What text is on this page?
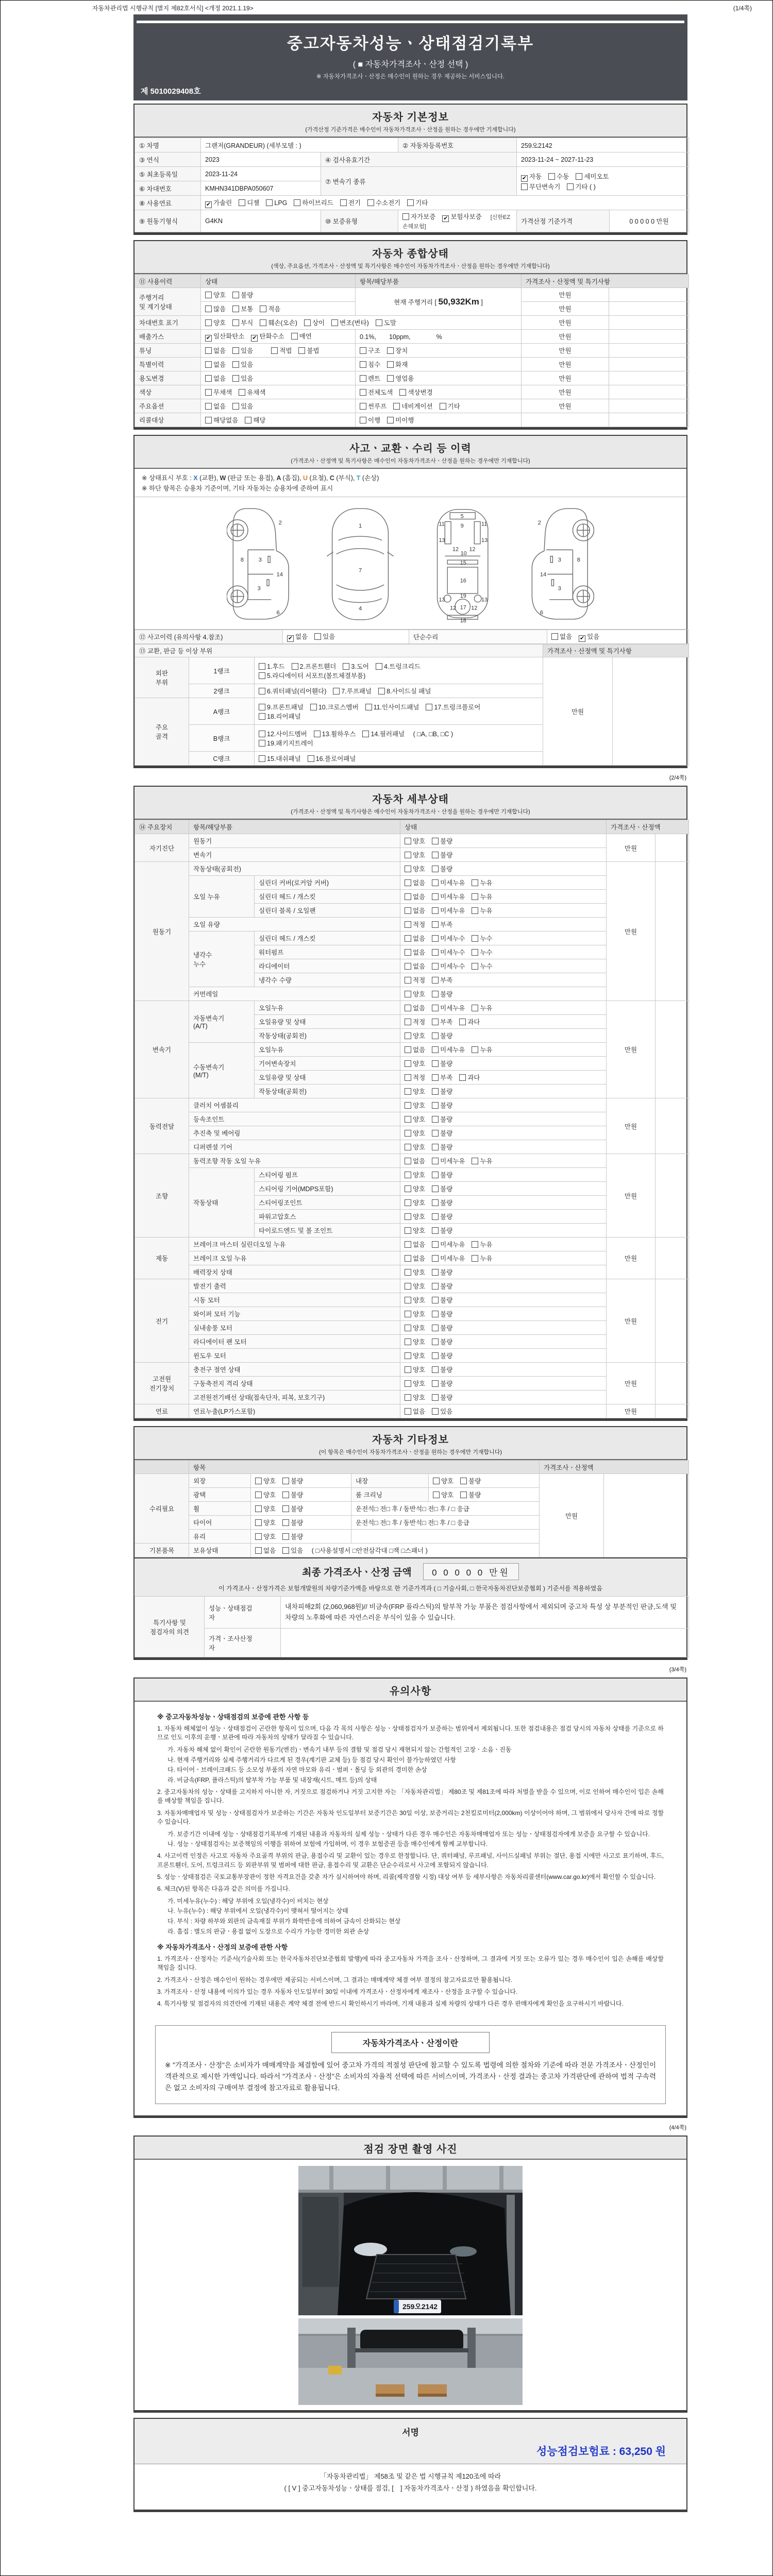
자동차관리법 시행규칙 [별지 제82호서식] <개정 2021.1.19>	(1/4쪽)
중고자동차성능ㆍ상태점검기록부
( ■ 자동차가격조사ㆍ산정 선택 )
※ 자동차가격조사ㆍ산정은 매수인이 원하는 경우 제공하는 서비스입니다.
제 5010029408호
자동차 기본정보
(가격산정 기준가격은 매수인이 자동차가격조사ㆍ산정을 원하는 경우에만 기재합니다)
① 차명	그랜저(GRANDEUR) (세부모델 : )		② 자동차등록번호	259오2142	
③ 연식	2023	④ 검사유효기간		2023-11-24 ~ 2027-11-23	
⑤ 최초등록일	2023-11-24	⑦ 변속기 종류		✔ 자동 수동 세미오토
무단변속기 기타 ( )	
⑥ 차대번호	KMHN341DBPA050607				
⑧ 사용연료	✔ 가솔린 디젤 LPG 하이브리드 전기 수소전기 기타				
⑨ 원동기형식	G4KN	⑩ 보증유형	자가보증 ✔ 보험사보증 [신한EZ손해보험]	가격산정 기준가격	0 0 0 0 0 만원
자동차 종합상태
(색상, 주요옵션, 가격조사ㆍ산정액 및 특기사항은 매수인이 자동차가격조사ㆍ산정을 원하는 경우에만 기재합니다)
⑪ 사용이력	상태	항목/해당부품	가격조사ㆍ산정액 및 특기사항	
주행거리
및 계기상태	양호 불량	현재 주행거리 [ 50,932Km ]	만원	
	많음 보통 적음		만원	
차대번호 표기	양호 부식 훼손(오손) 상이 변조(변타) 도말		만원	
배출가스	✔ 일산화탄소 ✔ 탄화수소 매연	0.1%,　　10ppm,　　　　%	만원	
튜닝	없음 있음 적법 불법	구조 장치	만원	
특별이력	없음 있음	침수 화재	만원	
용도변경	없음 있음	렌트 영업용	만원	
색상	무채색 유채색	전체도색 색상변경	만원	
주요옵션	없음 있음	썬루프 네비게이션 기타	만원	
리콜대상	해당없음 해당	이행 미이행		
사고ㆍ교환ㆍ수리 등 이력
(가격조사ㆍ산정액 및 특기사항은 매수인이 자동차가격조사ㆍ산정을 원하는 경우에만 기재합니다)
※ 상태표시 부호 : X (교환), W (판금 또는 용접), A (흠집), U (요철), C (부식), T (손상)
※ 하단 항목은 승용차 기준이며, 기타 자동차는 승용차에 준하여 표시
2
8	3
14
3
6
1
7
4
5
9
11	11
13	13
12 12
10
15
16
19
13	13
12	12
17
18
2
8
3
14
3
6
⑫ 사고이력 (유의사항 4.참조)	✔ 없음 있음	단순수리	없음 ✔ 있음
⑬ 교환, 판금 등 이상 부위			가격조사ㆍ산정액 및 특기사항	
외판
부위	1랭크	1.후드 2.프론트휀더 3.도어 4.트렁크리드
5.라디에이터 서포트(볼트체결부품)	만원	
	2랭크	6.쿼터패널(리어휀다) 7.루프패널 8.사이드실 패널		
주요
골격	A랭크	9.프론트패널 10.크로스멤버 11.인사이드패널 17.트렁크플로어
18.리어패널		
	B랭크	12.사이드멤버 13.휠하우스 14.필러패널 ( □A, □B, □C )
19.패키지트레이		
	C랭크	15.대쉬패널 16.플로어패널		
(2/4쪽)
자동차 세부상태
(가격조사ㆍ산정액 및 특기사항은 매수인이 자동차가격조사ㆍ산정을 원하는 경우에만 기재합니다)
⑭ 주요장치	항목/해당부품		상태	가격조사ㆍ산정액	
자기진단	원동기		양호 불량	만원	
	변속기		양호 불량		
원동기	작동상태(공회전)		양호 불량	만원	
	오일 누유	실린더 커버(로커암 커버)	없음 미세누유 누유		
		실린더 헤드 / 개스킷	없음 미세누유 누유		
		실린더 블록 / 오일팬	없음 미세누유 누유		
	오일 유량		적정 부족		
	냉각수
누수	실린더 헤드 / 개스킷	없음 미세누수 누수		
		워터펌프	없음 미세누수 누수		
		라디에이터	없음 미세누수 누수		
		냉각수 수량	적정 부족		
	커먼레일		양호 불량		
변속기	자동변속기
(A/T)	오일누유	없음 미세누유 누유	만원	
		오일유량 및 상태	적정 부족 과다		
		작동상태(공회전)	양호 불량		
	수동변속기
(M/T)	오일누유	없음 미세누유 누유		
		기어변속장치	양호 불량		
		오일유량 및 상태	적정 부족 과다		
		작동상태(공회전)	양호 불량		
동력전달	클러치 어셈블리		양호 불량	만원	
	등속조인트		양호 불량		
	추진축 및 베어링		양호 불량		
	디퍼렌셜 기어		양호 불량		
조향	동력조향 작동 오일 누유		없음 미세누유 누유	만원	
	작동상태	스티어링 펌프	양호 불량		
		스티어링 기어(MDPS포함)	양호 불량		
		스티어링조인트	양호 불량		
		파워고압호스	양호 불량		
		타이로드엔드 및 볼 조인트	양호 불량		
제동	브레이크 마스터 실린더오일 누유		없음 미세누유 누유	만원	
	브레이크 오일 누유		없음 미세누유 누유		
	배력장치 상태		양호 불량		
전기	발전기 출력		양호 불량	만원	
	시동 모터		양호 불량		
	와이퍼 모터 기능		양호 불량		
	실내송풍 모터		양호 불량		
	라디에이터 팬 모터		양호 불량		
	윈도우 모터		양호 불량		
고전원
전기장치	충전구 절연 상태		양호 불량	만원	
	구동축전지 격리 상태		양호 불량		
	고전원전기배선 상태(접속단자, 피복, 보호기구)		양호 불량		
연료	연료누출(LP가스포함)		없음 있음	만원	
자동차 기타정보
(이 항목은 매수인이 자동차가격조사ㆍ산정을 원하는 경우에만 기재합니다)
	항목				가격조사ㆍ산정액	
수리필요	외장	양호 불량	내장	양호 불량	만원	
	광택	양호 불량	룸 크리닝	양호 불량		
	휠	양호 불량	운전석□ 전□ 후 / 동반석□ 전□ 후 / □ 응급			
	타이어	양호 불량	운전석□ 전□ 후 / 동반석□ 전□ 후 / □ 응급			
	유리	양호 불량				
기본품목	보유상태	없음 있음 ( □사용설명서 □안전삼각대 □잭 □스패너 )				
최종 가격조사ㆍ산정 금액 0 0 0 0 0 만원
이 가격조사ㆍ산정가격은 보험개발원의 차량기준가액을 바탕으로 한 기준가격과 ( □ 기술사회, □ 한국자동차진단보증협회 ) 기준서를 적용하였음
특기사항 및
점검자의 의견	성능ㆍ상태점검
자	내차피해2회 (2,060,968원)// 비금속(FRP 플라스틱)의 탈부착 가능 부품은 점검사항에서 제외되며 중고차 특성 상 부분적인 판금,도색 및 차량의 노후화에 따른 자연스러운 부식이 있을 수 있습니다.
	가격ㆍ조사산정
자	
(3/4쪽)
유의사항
※ 중고자동차성능ㆍ상태점검의 보증에 관한 사항 등
1. 자동차 해체없이 성능ㆍ상태점검이 곤란한 항목이 있으며, 다음 각 목의 사항은 성능ㆍ상태점검자가 보증하는 범위에서 제외됩니다. 또한 점검내용은 점검 당시의 자동차 상태를 기준으로 하므로 인도 이후의 운행ㆍ보관에 따라 자동차의 상태가 달라질 수 있습니다.
가. 자동차 해체 없이 확인이 곤란한 원동기(엔진)ㆍ변속기 내부 등의 결함 및 점검 당시 재현되지 않는 간헐적인 고장ㆍ소음ㆍ진동
나. 현재 주행거리와 실제 주행거리가 다르게 된 경우(계기판 교체 등) 등 점검 당시 확인이 불가능하였던 사항
다. 타이어ㆍ브레이크패드 등 소모성 부품의 자연 마모와 유리ㆍ범퍼ㆍ몰딩 등 외관의 경미한 손상
라. 비금속(FRP, 플라스틱)의 탈부착 가능 부품 및 내장재(시트, 매트 등)의 상태
2. 중고자동차의 성능ㆍ상태를 고지하지 아니한 자, 거짓으로 점검하거나 거짓 고지한 자는 「자동차관리법」 제80조 및 제81조에 따라 처벌을 받을 수 있으며, 이로 인하여 매수인이 입은 손해를 배상할 책임을 집니다.
3. 자동차매매업자 및 성능ㆍ상태점검자가 보증하는 기간은 자동차 인도일부터 보증기간은 30일 이상, 보증거리는 2천킬로미터(2,000km) 이상이어야 하며, 그 범위에서 당사자 간에 따로 정할 수 있습니다.
가. 보증기간 이내에 성능ㆍ상태점검기록부에 기재된 내용과 자동차의 실제 성능ㆍ상태가 다른 경우 매수인은 자동차매매업자 또는 성능ㆍ상태점검자에게 보증을 요구할 수 있습니다.
나. 성능ㆍ상태점검자는 보증책임의 이행을 위하여 보험에 가입하며, 이 경우 보험증권 등을 매수인에게 함께 교부합니다.
4. 사고이력 인정은 사고로 자동차 주요골격 부위의 판금, 용접수리 및 교환이 있는 경우로 한정합니다. 단, 쿼터패널, 루프패널, 사이드실패널 부위는 절단, 용접 시에만 사고로 표기하며, 후드, 프론트휀더, 도어, 트렁크리드 등 외판부위 및 범퍼에 대한 판금, 용접수리 및 교환은 단순수리로서 사고에 포함되지 않습니다.
5. 성능ㆍ상태점검은 국토교통부장관이 정한 자격요건을 갖춘 자가 실시하여야 하며, 리콜(제작결함 시정) 대상 여부 등 세부사항은 자동차리콜센터(www.car.go.kr)에서 확인할 수 있습니다.
6. 체크(V)된 항목은 다음과 같은 의미를 가집니다.
가. 미세누유(누수) : 해당 부위에 오일(냉각수)이 비치는 현상
나. 누유(누수) : 해당 부위에서 오일(냉각수)이 맺혀서 떨어지는 상태
다. 부식 : 차량 하부와 외판의 금속재질 부위가 화학반응에 의하여 금속이 산화되는 현상
라. 흠집 : 별도의 판금ㆍ용접 없이 도장으로 수리가 가능한 경미한 외관 손상
※ 자동차가격조사ㆍ산정의 보증에 관한 사항
1. 가격조사ㆍ산정자는 기준서(기술사회 또는 한국자동차진단보증협회 발행)에 따라 중고자동차 가격을 조사ㆍ산정하며, 그 결과에 거짓 또는 오류가 있는 경우 매수인이 입은 손해를 배상할 책임을 집니다.
2. 가격조사ㆍ산정은 매수인이 원하는 경우에만 제공되는 서비스이며, 그 결과는 매매계약 체결 여부 결정의 참고자료로만 활용됩니다.
3. 가격조사ㆍ산정 내용에 이의가 있는 경우 자동차 인도일부터 30일 이내에 가격조사ㆍ산정자에게 재조사ㆍ산정을 요구할 수 있습니다.
4. 특기사항 및 점검자의 의견란에 기재된 내용은 계약 체결 전에 반드시 확인하시기 바라며, 기재 내용과 실제 차량의 상태가 다른 경우 판매자에게 확인을 요구하시기 바랍니다.
자동차가격조사ㆍ산정이란
※ "가격조사ㆍ산정"은 소비자가 매매계약을 체결함에 있어 중고차 가격의 적절성 판단에 참고할 수 있도록 법령에 의한 절차와 기준에 따라 전문 가격조사ㆍ산정인이 객관적으로 제시한 가액입니다. 따라서 "가격조사ㆍ산정"은 소비자의 자율적 선택에 따른 서비스이며, 가격조사ㆍ산정 결과는 중고차 가격판단에 관하여 법적 구속력은 없고 소비자의 구매여부 결정에 참고자료로 활용됩니다.
(4/4쪽)
점검 장면 촬영 사진
259오2142
서명
성능점검보험료 : 63,250 원
「자동차관리법」 제58조 및 같은 법 시행규칙 제120조에 따라
( [ V ] 중고자동차성능ㆍ상태를 점검, [　] 자동차가격조사ㆍ산정 ) 하였음을 확인합니다.
